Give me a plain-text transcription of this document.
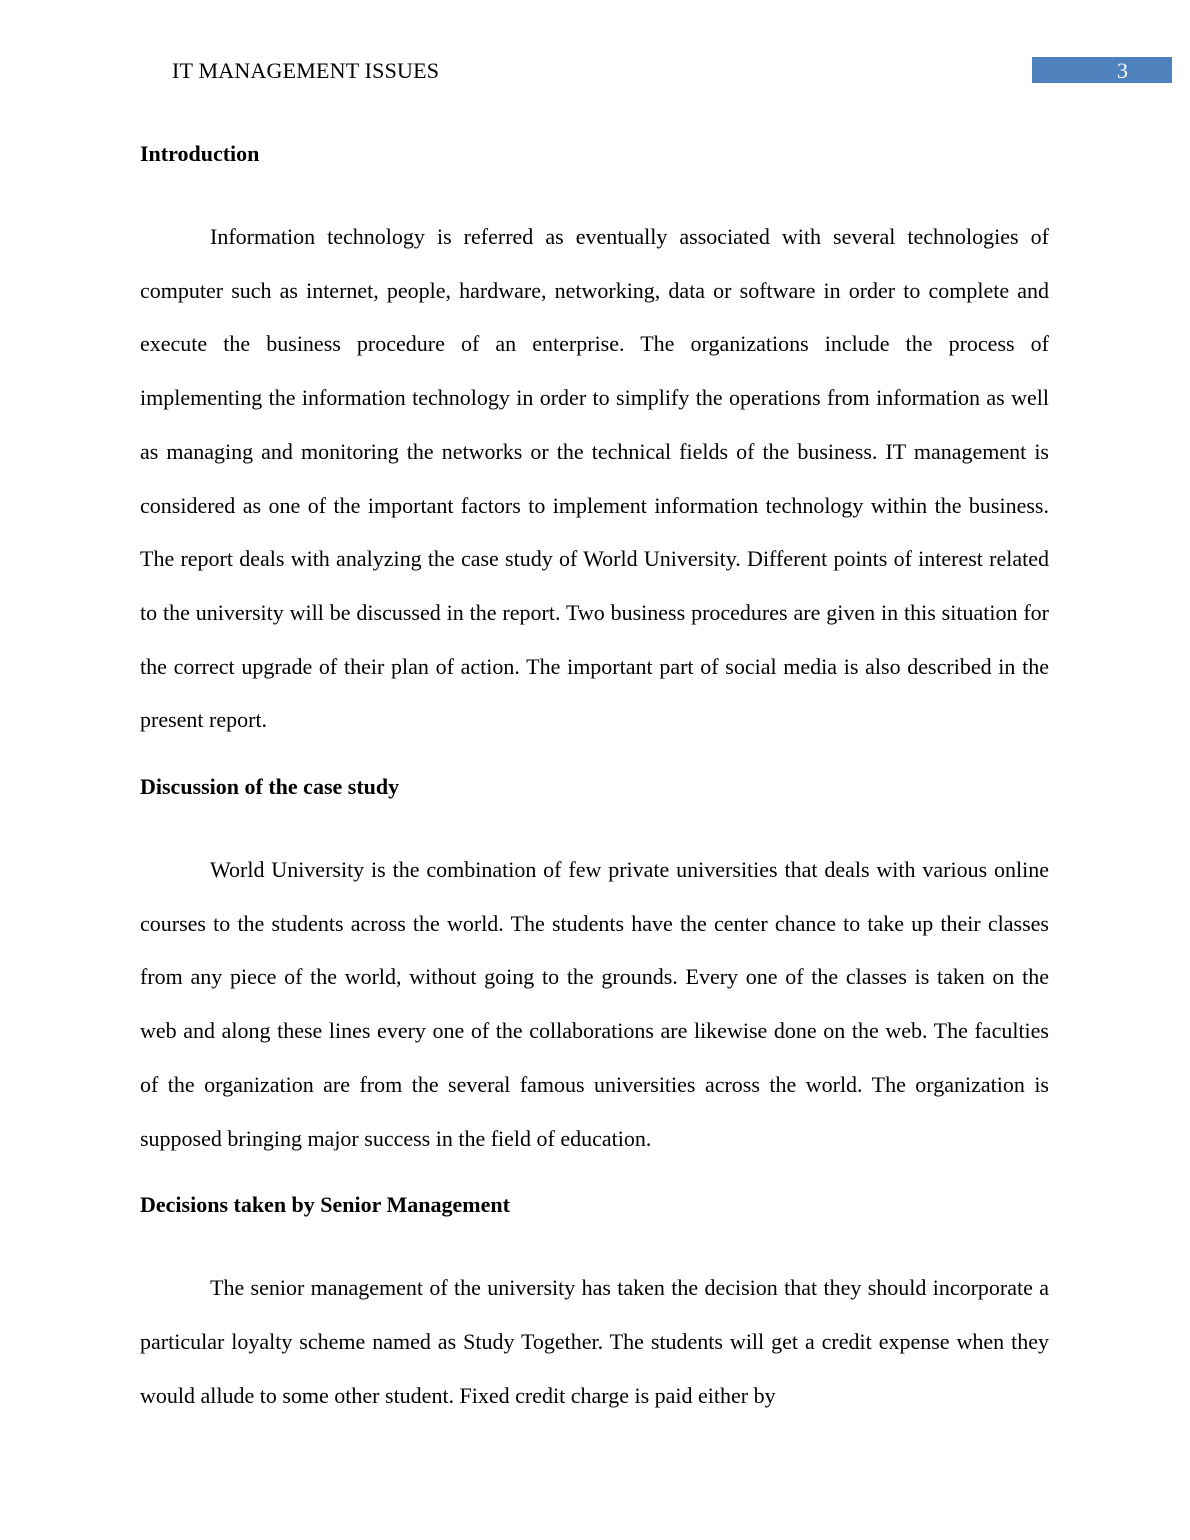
IT MANAGEMENT ISSUES	3
Introduction

Information technology is referred as eventually associated with several technologies of computer such as internet, people, hardware, networking, data or software in order to complete and execute the business procedure of an enterprise. The organizations include the process of implementing the information technology in order to simplify the operations from information as well as managing and monitoring the networks or the technical fields of the business. IT management is considered as one of the important factors to implement information technology within the business. The report deals with analyzing the case study of World University. Different points of interest related to the university will be discussed in the report. Two business procedures are given in this situation for the correct upgrade of their plan of action. The important part of social media is also described in the present report.

Discussion of the case study

World University is the combination of few private universities that deals with various online courses to the students across the world. The students have the center chance to take up their classes from any piece of the world, without going to the grounds. Every one of the classes is taken on the web and along these lines every one of the collaborations are likewise done on the web. The faculties of the organization are from the several famous universities across the world. The organization is supposed bringing major success in the field of education.

Decisions taken by Senior Management

The senior management of the university has taken the decision that they should incorporate a particular loyalty scheme named as Study Together. The students will get a credit expense when they would allude to some other student. Fixed credit charge is paid either by
